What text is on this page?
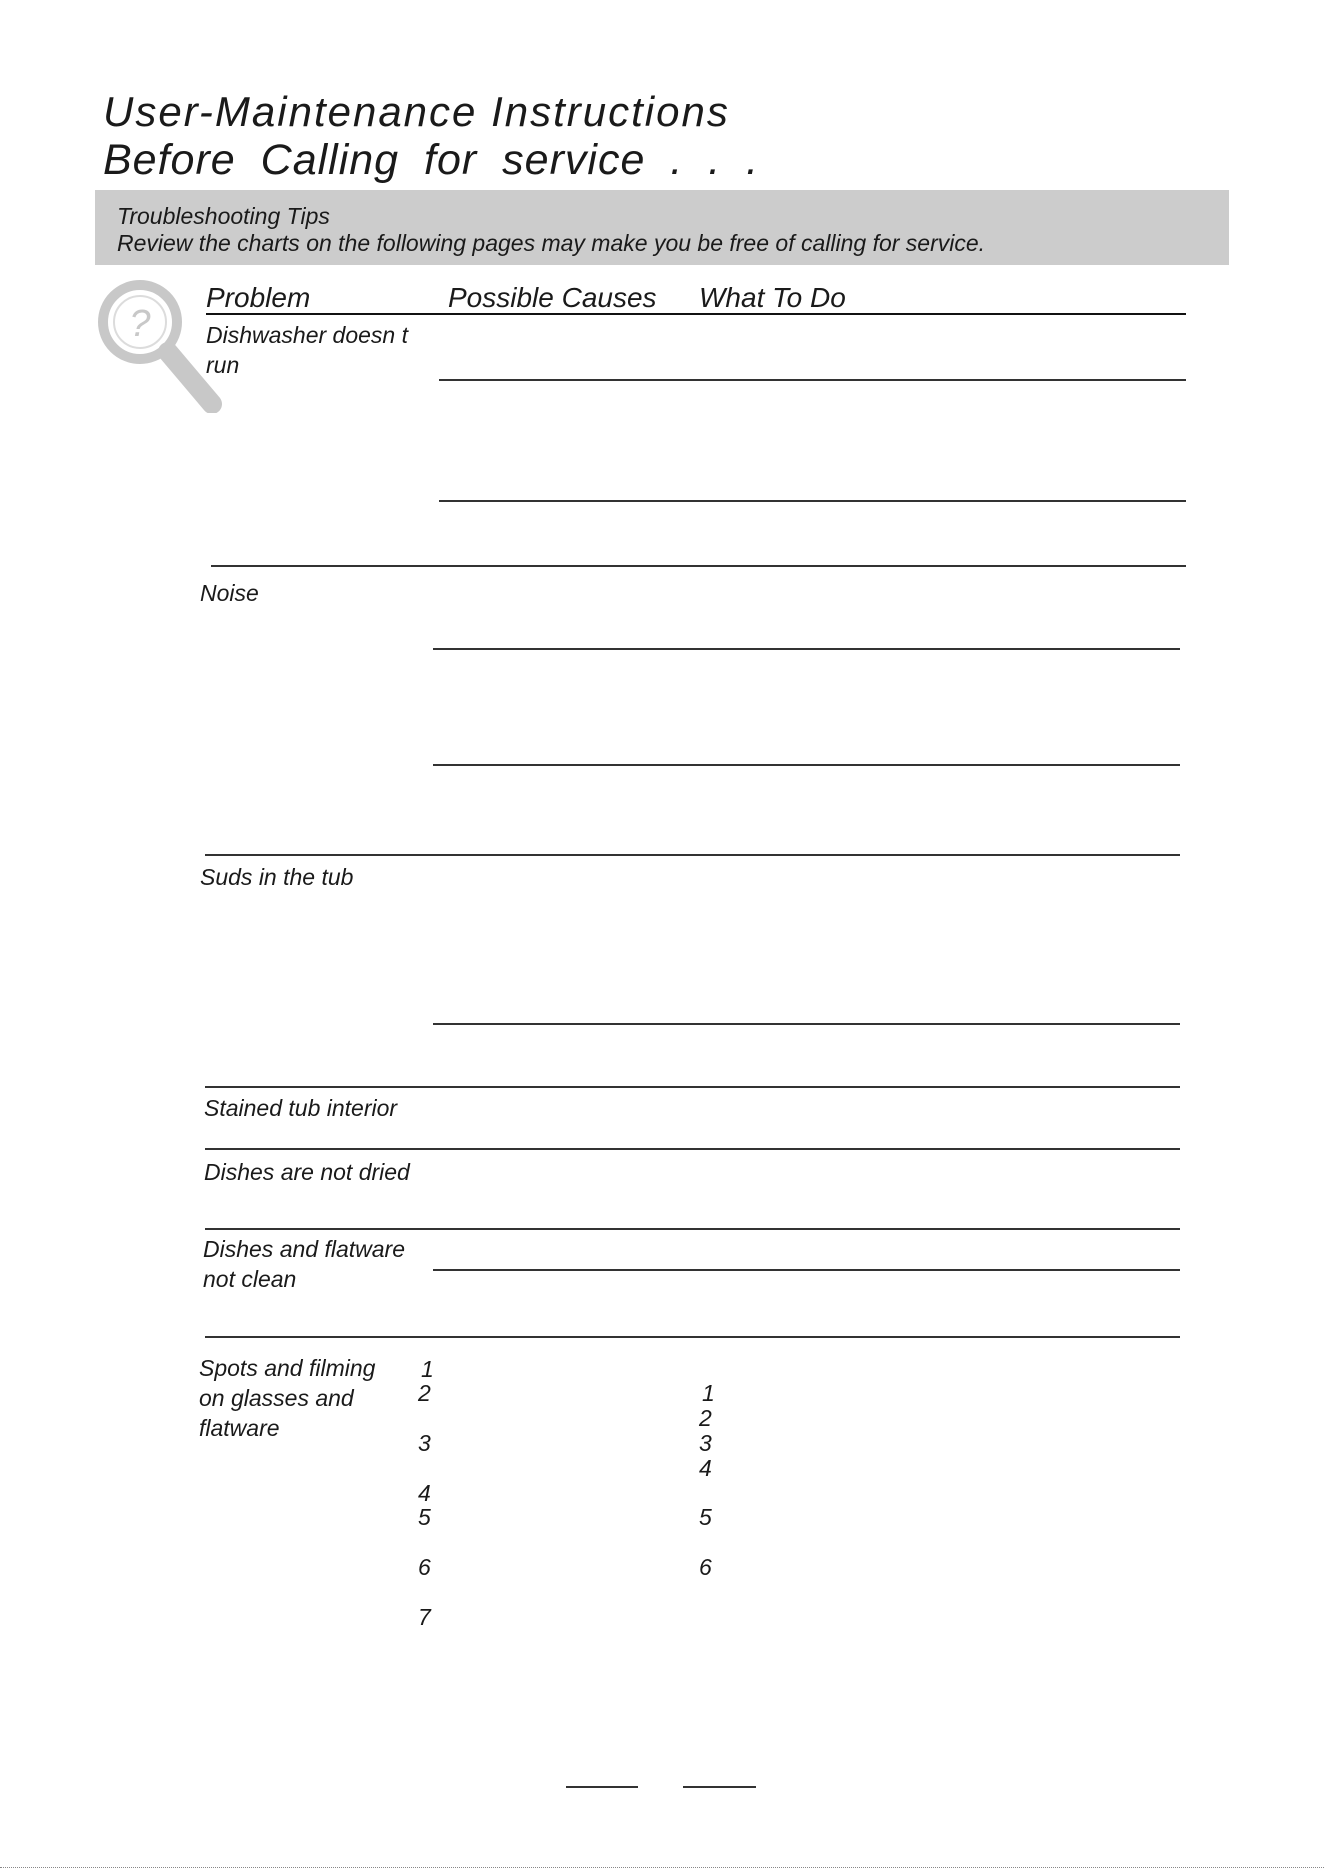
User-Maintenance Instructions
Before Calling for service . . .
Troubleshooting Tips
Review the charts on the following pages may make you be free of calling for service.
?
Problem	Possible Causes What To Do
Dishwasher doesn t
run
Noise
Suds in the tub
Stained tub interior
Dishes are not dried
Dishes and flatware
not clean
Spots and filming
on glasses and
flatware
1
2
3
4
5
6
7
1
2
3
4
5
6
